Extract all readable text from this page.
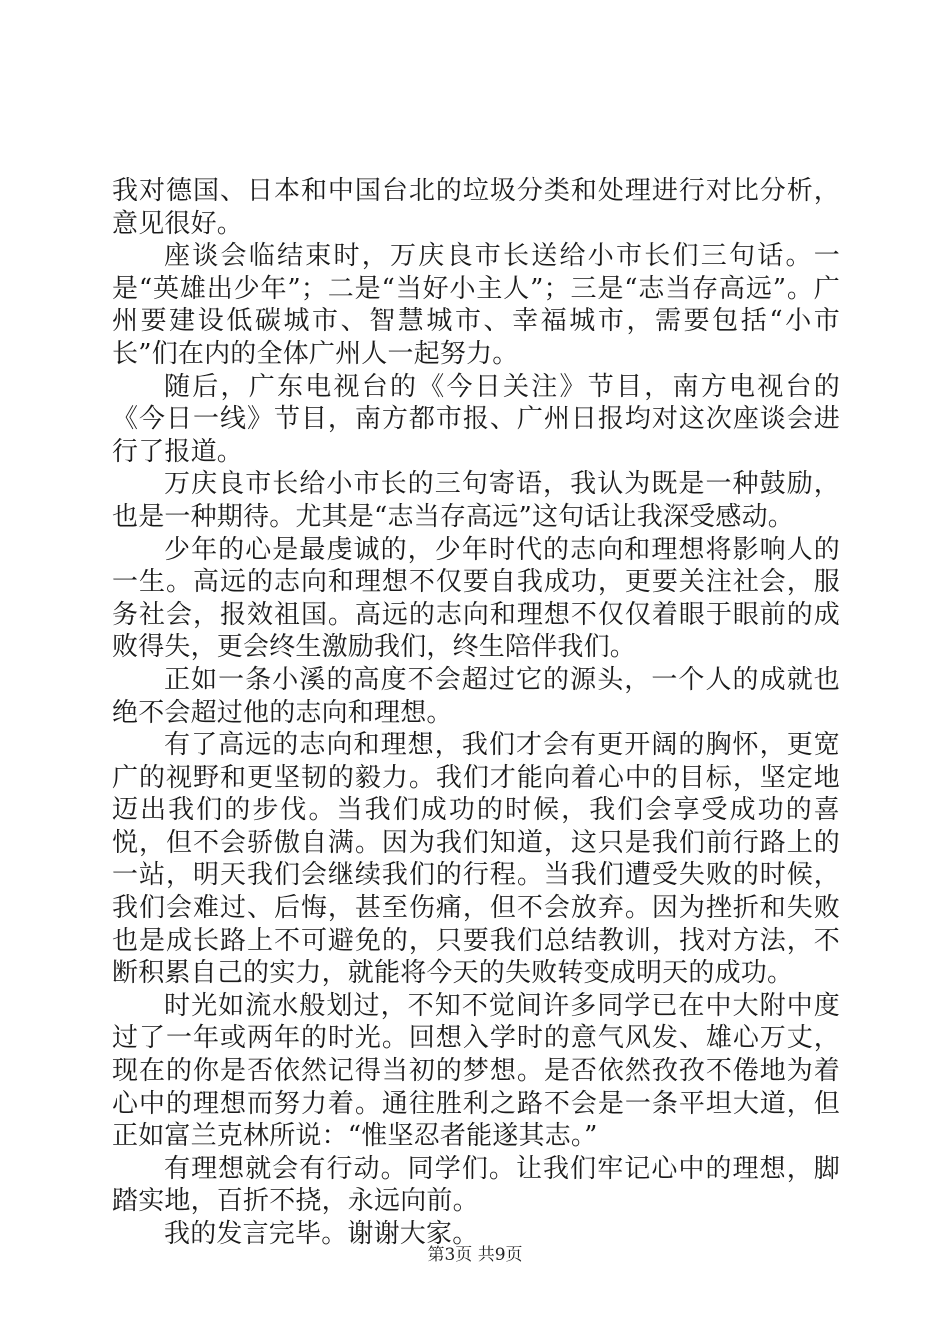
我对德国、日本和中国台北的垃圾分类和处理进行对比分析，意见很好。

座谈会临结束时，万庆良市长送给小市长们三句话。一是“英雄出少年”；二是“当好小主人”；三是“志当存高远”。广州要建设低碳城市、智慧城市、幸福城市，需要包括“小市长”们在内的全体广州人一起努力。

随后，广东电视台的《今日关注》节目，南方电视台的《今日一线》节目，南方都市报、广州日报均对这次座谈会进行了报道。

万庆良市长给小市长的三句寄语，我认为既是一种鼓励，也是一种期待。尤其是“志当存高远”这句话让我深受感动。

少年的心是最虔诚的，少年时代的志向和理想将影响人的一生。高远的志向和理想不仅要自我成功，更要关注社会，服务社会，报效祖国。高远的志向和理想不仅仅着眼于眼前的成败得失，更会终生激励我们，终生陪伴我们。

正如一条小溪的高度不会超过它的源头，一个人的成就也绝不会超过他的志向和理想。

有了高远的志向和理想，我们才会有更开阔的胸怀，更宽广的视野和更坚韧的毅力。我们才能向着心中的目标，坚定地迈出我们的步伐。当我们成功的时候，我们会享受成功的喜悦，但不会骄傲自满。因为我们知道，这只是我们前行路上的一站，明天我们会继续我们的行程。当我们遭受失败的时候，我们会难过、后悔，甚至伤痛，但不会放弃。因为挫折和失败也是成长路上不可避免的，只要我们总结教训，找对方法，不断积累自己的实力，就能将今天的失败转变成明天的成功。

时光如流水般划过，不知不觉间许多同学已在中大附中度过了一年或两年的时光。回想入学时的意气风发、雄心万丈，现在的你是否依然记得当初的梦想。是否依然孜孜不倦地为着心中的理想而努力着。通往胜利之路不会是一条平坦大道，但正如富兰克林所说：“惟坚忍者能遂其志。”

有理想就会有行动。同学们。让我们牢记心中的理想，脚踏实地，百折不挠，永远向前。

我的发言完毕。谢谢大家。

第3页 共9页
